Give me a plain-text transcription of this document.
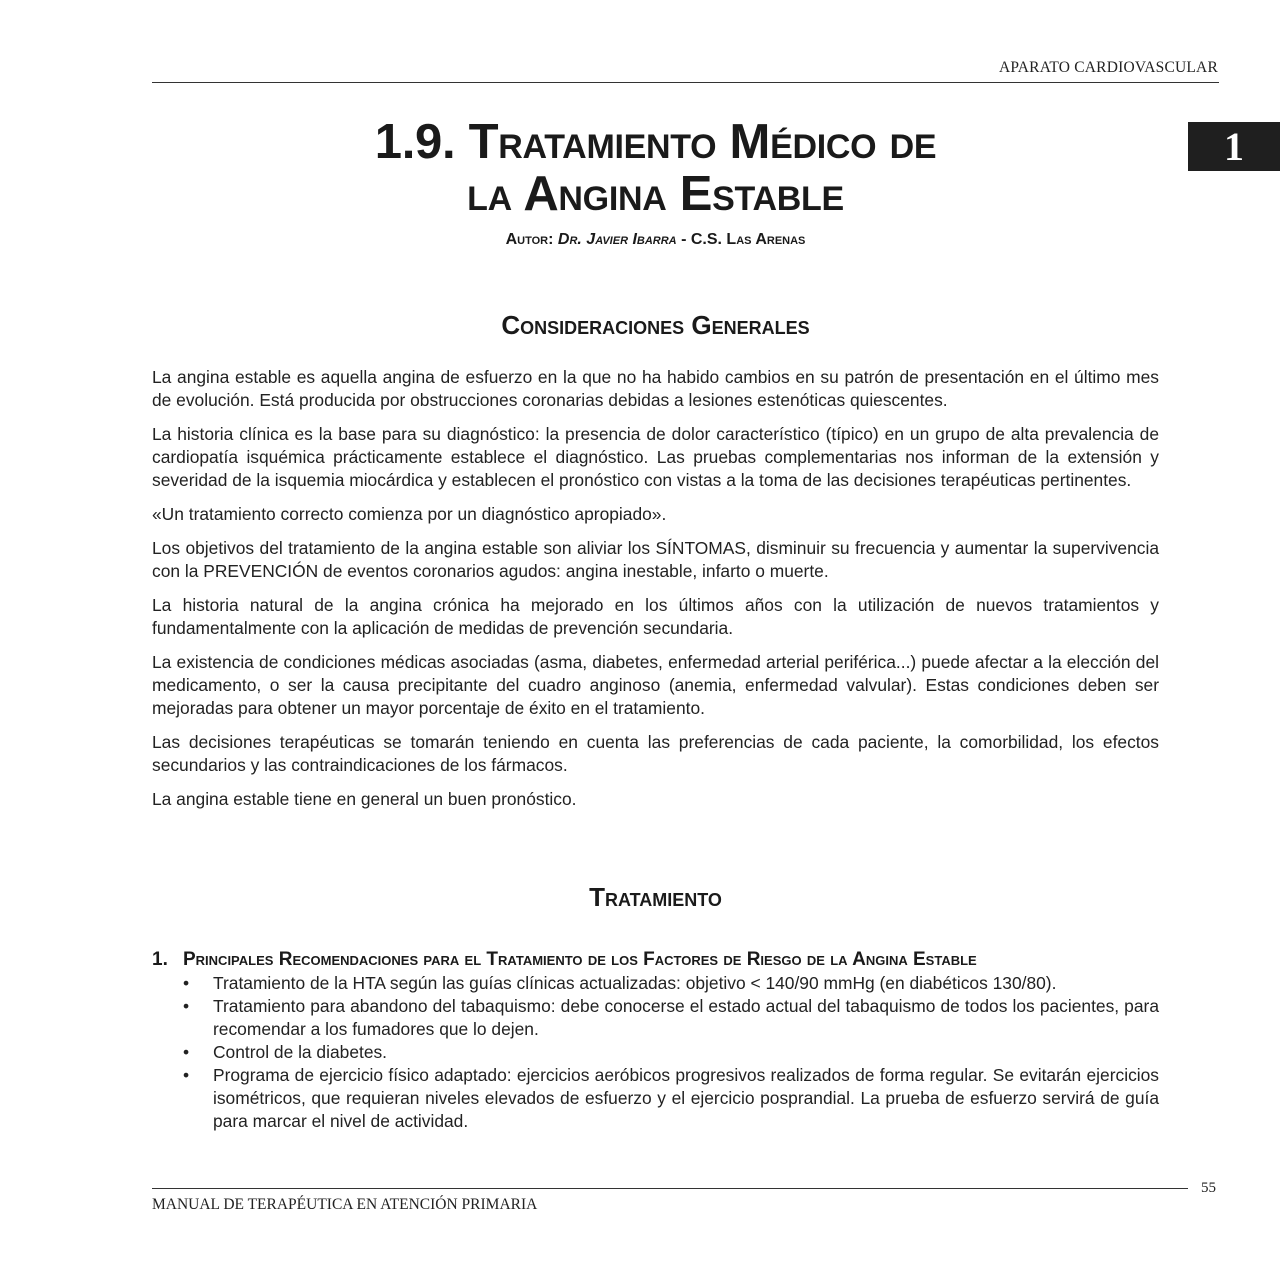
APARATO CARDIOVASCULAR
1
1.9. Tratamiento Médico de
la Angina Estable
Autor: Dr. Javier Ibarra - C.S. Las Arenas
Consideraciones Generales

La angina estable es aquella angina de esfuerzo en la que no ha habido cambios en su patrón de presentación en el último mes de evolución. Está producida por obstrucciones coronarias debidas a lesiones estenóticas quiescentes.

La historia clínica es la base para su diagnóstico: la presencia de dolor característico (típico) en un grupo de alta prevalencia de cardiopatía isquémica prácticamente establece el diagnóstico. Las pruebas complementarias nos informan de la extensión y severidad de la isquemia miocárdica y establecen el pronóstico con vistas a la toma de las decisiones terapéuticas pertinentes.

«Un tratamiento correcto comienza por un diagnóstico apropiado».

Los objetivos del tratamiento de la angina estable son aliviar los SÍNTOMAS, disminuir su frecuencia y aumentar la supervivencia con la PREVENCIÓN de eventos coronarios agudos: angina inestable, infarto o muerte.

La historia natural de la angina crónica ha mejorado en los últimos años con la utilización de nuevos tratamientos y fundamentalmente con la aplicación de medidas de prevención secundaria.

La existencia de condiciones médicas asociadas (asma, diabetes, enfermedad arterial periférica...) puede afectar a la elección del medicamento, o ser la causa precipitante del cuadro anginoso (anemia, enfermedad valvular). Estas condiciones deben ser mejoradas para obtener un mayor porcentaje de éxito en el tratamiento.

Las decisiones terapéuticas se tomarán teniendo en cuenta las preferencias de cada paciente, la comorbilidad, los efectos secundarios y las contraindicaciones de los fármacos.

La angina estable tiene en general un buen pronóstico.

Tratamiento
1. Principales Recomendaciones para el Tratamiento de los Factores de Riesgo de la Angina Estable
•	Tratamiento de la HTA según las guías clínicas actualizadas: objetivo < 140/90 mmHg (en diabéticos 130/80).
•	Tratamiento para abandono del tabaquismo: debe conocerse el estado actual del tabaquismo de todos los pacientes, para recomendar a los fumadores que lo dejen.
•	Control de la diabetes.
•	Programa de ejercicio físico adaptado: ejercicios aeróbicos progresivos realizados de forma regular. Se evitarán ejercicios isométricos, que requieran niveles elevados de esfuerzo y el ejercicio posprandial. La prueba de esfuerzo servirá de guía para marcar el nivel de actividad.
55
MANUAL DE TERAPÉUTICA EN ATENCIÓN PRIMARIA
